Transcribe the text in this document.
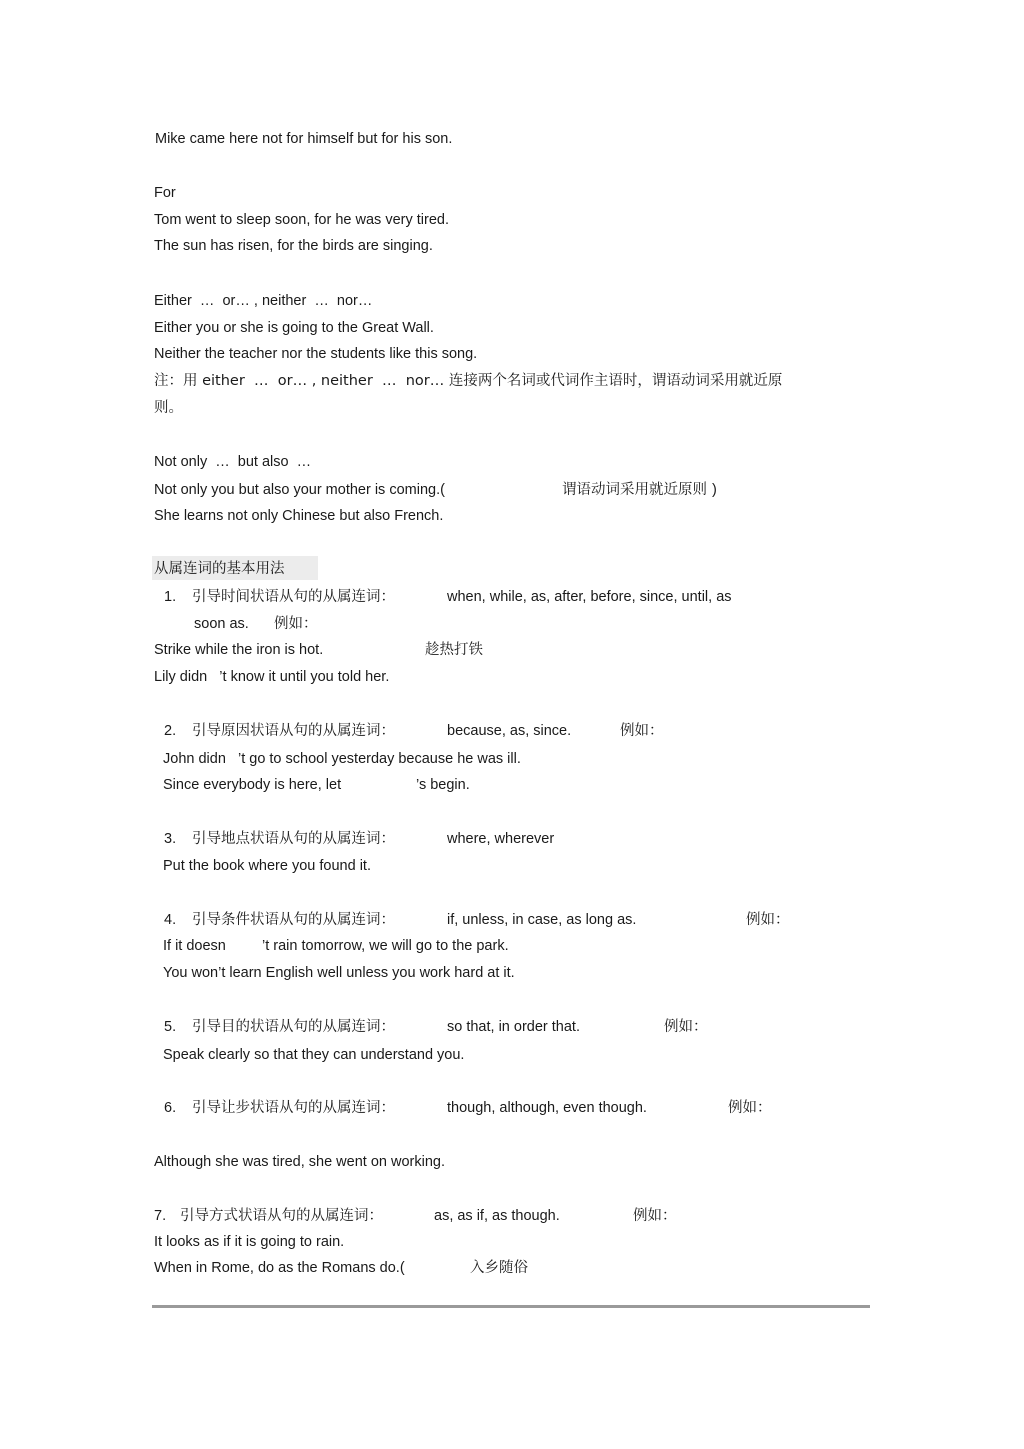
Mike came here not for himself but for his son.
For
Tom went to sleep soon, for he was very tired.
The sun has risen, for the birds are singing.
Either  …  or… , neither  …  nor…
Either you or she is going to the Great Wall.
Neither the teacher nor the students like this song.
注：用 either  …  or… , neither  …  nor… 连接两个名词或代词作主语时，谓语动词采用就近原
则。
Not only  …  but also  …
Not only you but also your mother is coming.(	谓语动词采用就近原则 )
She learns not only Chinese but also French.
从属连词的基本用法
1. 引导时间状语从句的从属连词：	when, while, as, after, before, since, until, as
soon as. 例如：
Strike while the iron is hot.	趁热打铁
Lily didn   ’t know it until you told her.
2. 引导原因状语从句的从属连词：	because, as, since.	例如：
John didn   ’t go to school yesterday because he was ill.
Since everybody is here, let	’s begin.
3. 引导地点状语从句的从属连词：	where, wherever
Put the book where you found it.
4. 引导条件状语从句的从属连词：	if, unless, in case, as long as.	例如：
If it doesn ’t rain tomorrow, we will go to the park.
You won’t learn English well unless you work hard at it.
5. 引导目的状语从句的从属连词：	so that, in order that.	例如：
Speak clearly so that they can understand you.
6. 引导让步状语从句的从属连词：	though, although, even though.	例如：
Although she was tired, she went on working.
7. 引导方式状语从句的从属连词：	as, as if, as though.	例如：
It looks as if it is going to rain.
When in Rome, do as the Romans do.(	入乡随俗
